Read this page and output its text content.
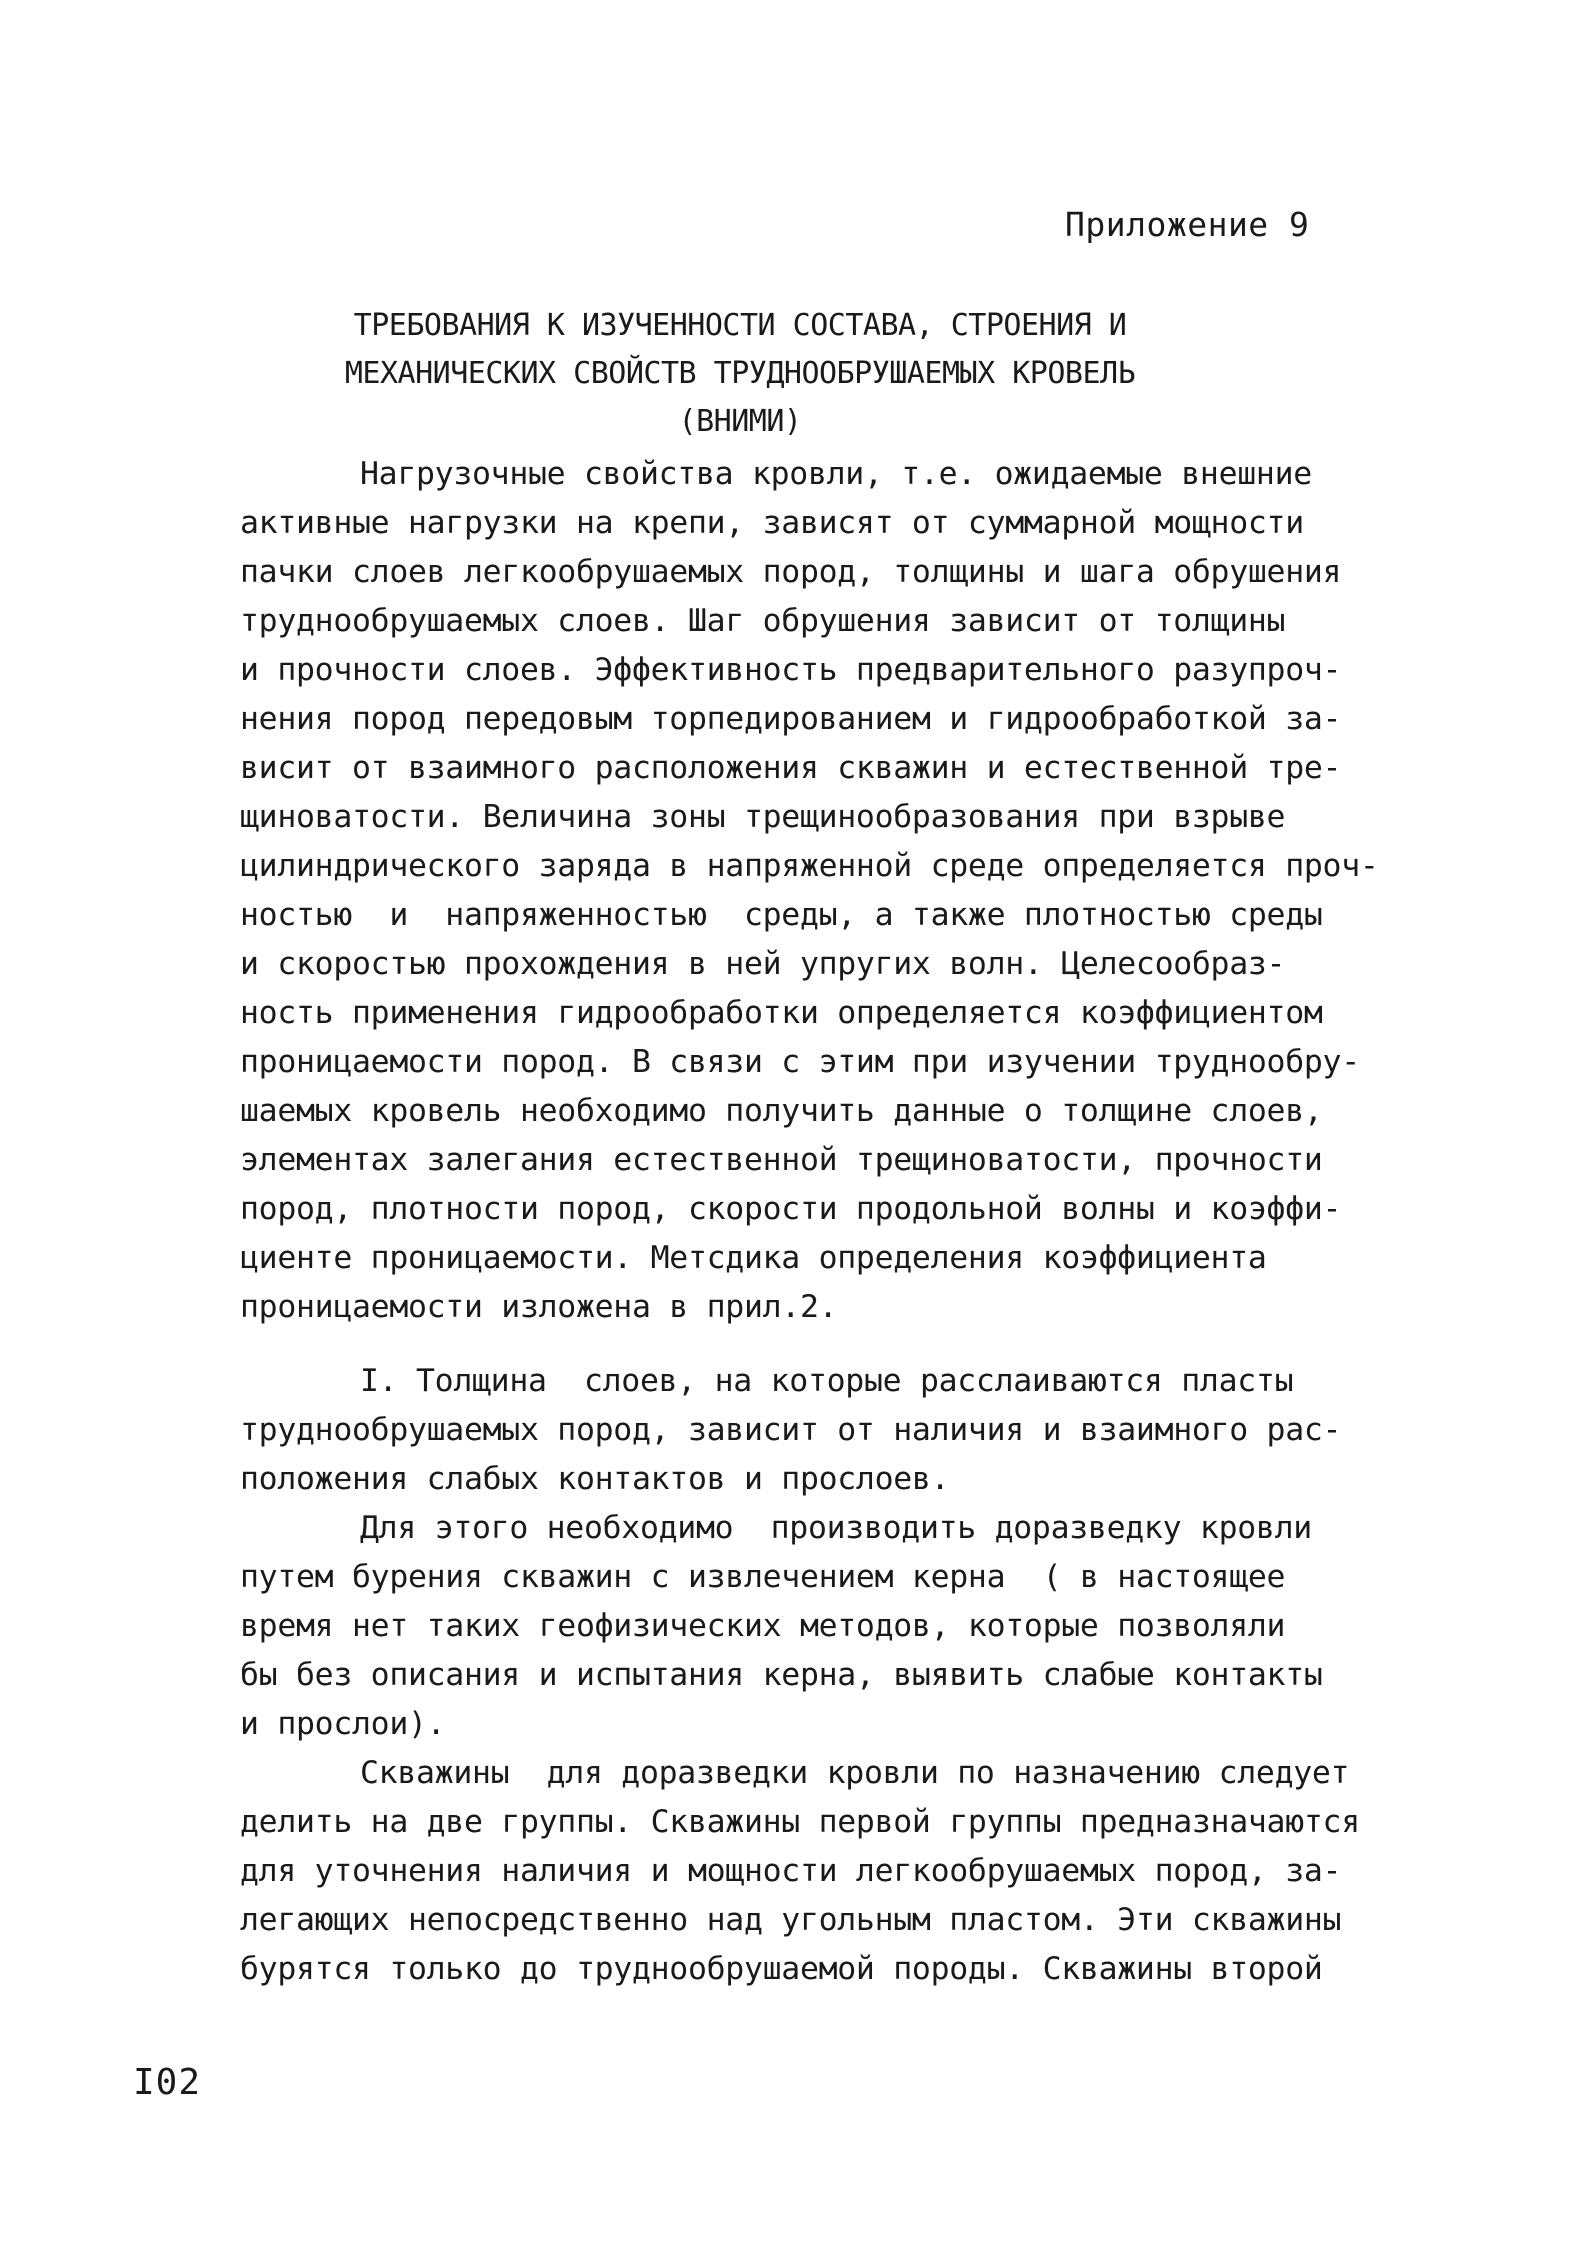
Приложение 9
ТРЕБОВАНИЯ К ИЗУЧЕННОСТИ СОСТАВА, СТРОЕНИЯ И
МЕХАНИЧЕСКИХ СВОЙСТВ ТРУДНООБРУШАЕМЫХ КРОВЕЛЬ
(ВНИМИ)
Нагрузочные свойства кровли, т.е. ожидаемые внешние
активные нагрузки на крепи, зависят от суммарной мощности
пачки слоев легкообрушаемых пород, толщины и шага обрушения
труднообрушаемых слоев. Шаг обрушения зависит от толщины
и прочности слоев. Эффективность предварительного разупроч-
нения пород передовым торпедированием и гидрообработкой за-
висит от взаимного расположения скважин и естественной тре-
щиноватости. Величина зоны трещинообразования при взрыве
цилиндрического заряда в напряженной среде определяется проч-
ностью  и  напряженностью  среды, а также плотностью среды
и скоростью прохождения в ней упругих волн. Целесообраз-
ность применения гидрообработки определяется коэффициентом
проницаемости пород. В связи с этим при изучении труднообру-
шаемых кровель необходимо получить данные о толщине слоев,
элементах залегания естественной трещиноватости, прочности
пород, плотности пород, скорости продольной волны и коэффи-
циенте проницаемости. Метсдика определения коэффициента
проницаемости изложена в прил.2.
I. Толщина  слоев, на которые расслаиваются пласты
труднообрушаемых пород, зависит от наличия и взаимного рас-
положения слабых контактов и прослоев.
Для этого необходимо  производить доразведку кровли
путем бурения скважин с извлечением керна  ( в настоящее
время нет таких геофизических методов, которые позволяли
бы без описания и испытания керна, выявить слабые контакты
и прослои).
Скважины  для доразведки кровли по назначению следует
делить на две группы. Скважины первой группы предназначаются
для уточнения наличия и мощности легкообрушаемых пород, за-
легающих непосредственно над угольным пластом. Эти скважины
бурятся только до труднообрушаемой породы. Скважины второй
I02
